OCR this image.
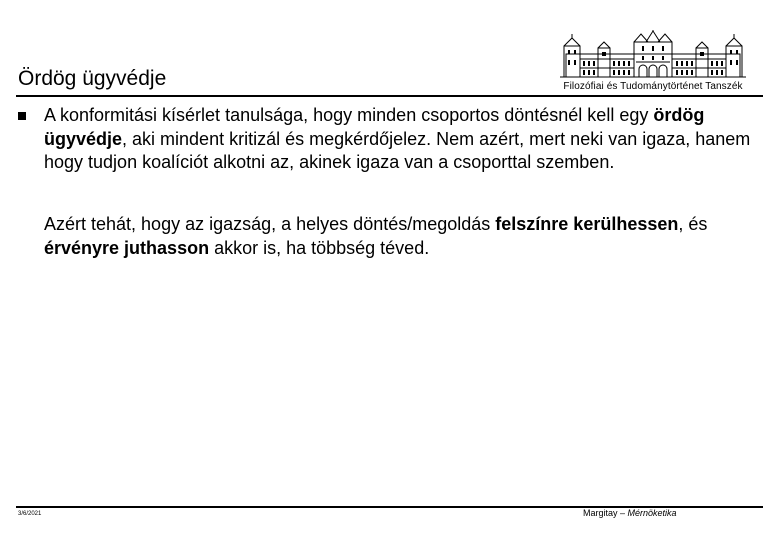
Ördög ügyvédje	Filozófiai és Tudománytörténet Tanszék

A konformitási kísérlet tanulsága, hogy minden csoportos döntésnél kell egy ördög ügyvédje, aki mindent kritizál és megkérdőjelez. Nem azért, mert neki van igaza, hanem hogy tudjon koalíciót alkotni az, akinek igaza van a csoporttal szemben.

Azért tehát, hogy az igazság, a helyes döntés/megoldás felszínre kerülhessen, és érvényre juthasson akkor is, ha többség téved.

3/6/2021	Margitay – Mérnöketika
